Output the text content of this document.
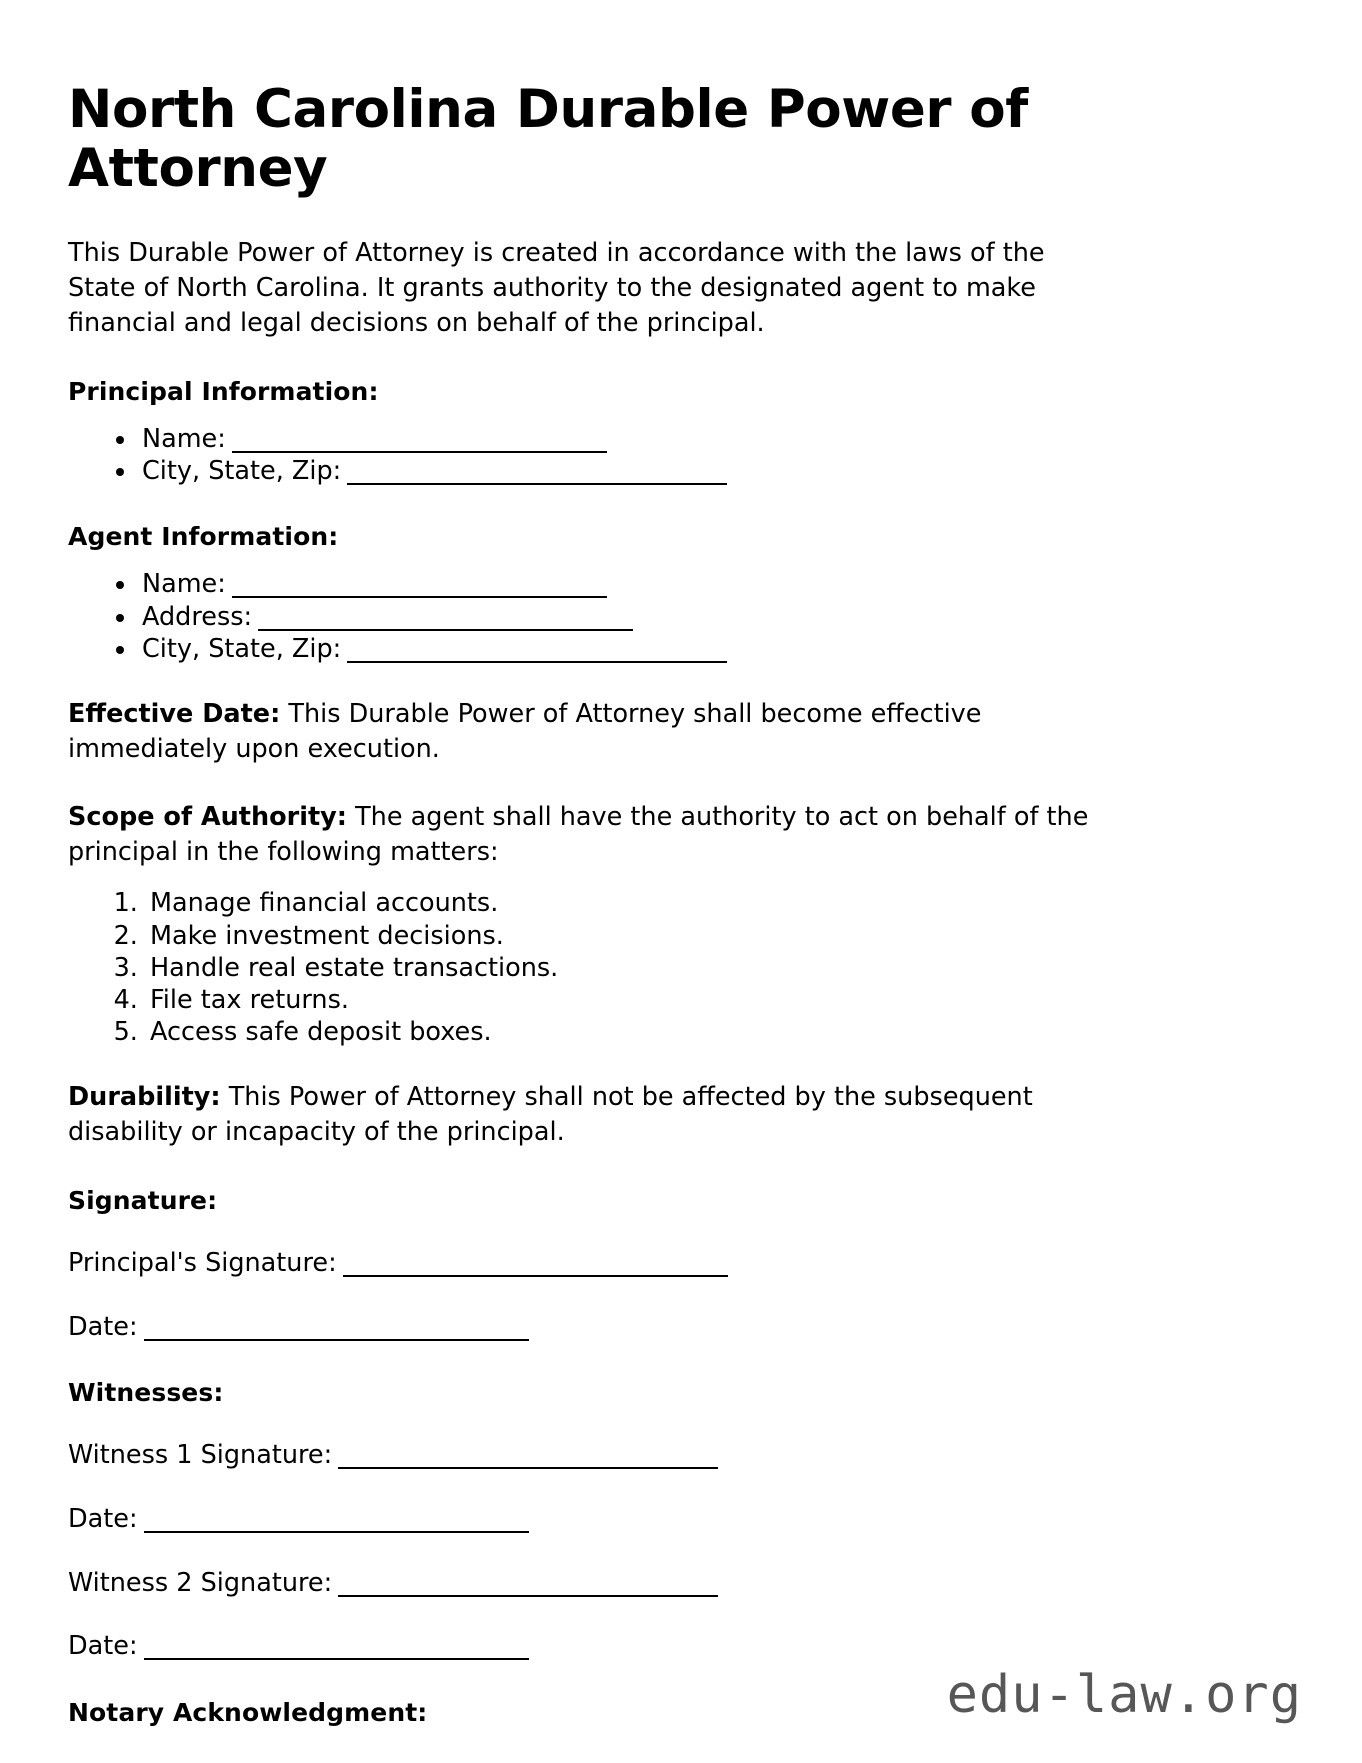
North Carolina Durable Power of Attorney

This Durable Power of Attorney is created in accordance with the laws of the State of North Carolina. It grants authority to the designated agent to make financial and legal decisions on behalf of the principal.

Principal Information:
• Name:
• City, State, Zip:
Agent Information:
• Name:
• Address:
• City, State, Zip:

Effective Date: This Durable Power of Attorney shall become effective immediately upon execution.

Scope of Authority: The agent shall have the authority to act on behalf of the principal in the following matters:

1. Manage financial accounts.
2. Make investment decisions.
3. Handle real estate transactions.
4. File tax returns.
5. Access safe deposit boxes.

Durability: This Power of Attorney shall not be affected by the subsequent disability or incapacity of the principal.

Signature:

Principal's Signature:

Date:

Witnesses:

Witness 1 Signature:

Date:

Witness 2 Signature:

Date:

Notary Acknowledgment:	edu-law.org
